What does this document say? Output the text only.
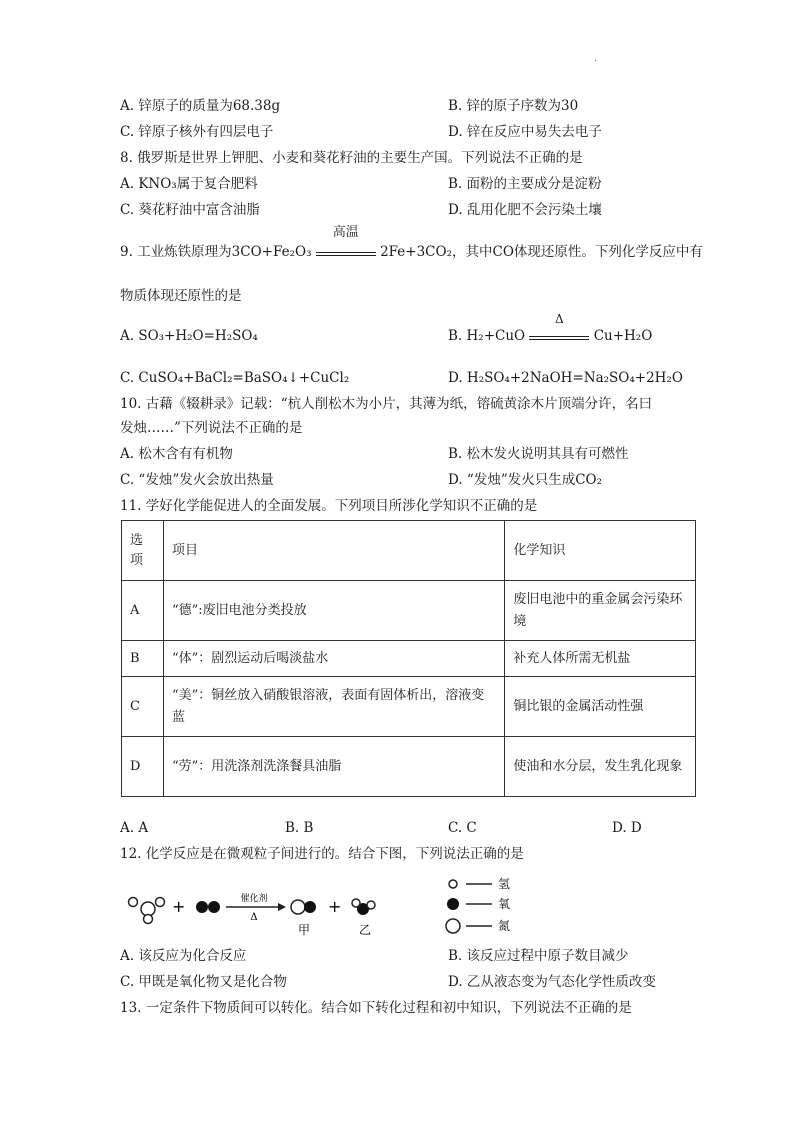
·
A. 锌原子的质量为68.38g	B. 锌的原子序数为30
C. 锌原子核外有四层电子	D. 锌在反应中易失去电子
8. 俄罗斯是世界上钾肥、小麦和葵花籽油的主要生产国。下列说法不正确的是
A. KNO₃属于复合肥料	B. 面粉的主要成分是淀粉
C. 葵花籽油中富含油脂	D. 乱用化肥不会污染土壤
9. 工业炼铁原理为3CO+Fe₂O₃
高温
2Fe+3CO₂，其中CO体现还原性。下列化学反应中有
物质体现还原性的是
A. SO₃+H₂O=H₂SO₄	B. H₂+CuO
Δ
Cu+H₂O
C. CuSO₄+BaCl₂=BaSO₄↓+CuCl₂	D. H₂SO₄+2NaOH=Na₂SO₄+2H₂O
10. 古藉《辍耕录》记载：“杭人削松木为小片，其薄为纸，镕硫黄涂木片顶端分许，名曰
发烛……”下列说法不正确的是
A. 松木含有有机物	B. 松木发火说明其具有可燃性
C. “发烛”发火会放出热量	D. “发烛”发火只生成CO₂
11. 学好化学能促进人的全面发展。下列项目所涉化学知识不正确的是
选项	项目	化学知识
A	“德”:废旧电池分类投放	废旧电池中的重金属会污染环境
B	“体”：剧烈运动后喝淡盐水	补充人体所需无机盐
C	“美”：铜丝放入硝酸银溶液，表面有固体析出，溶液变蓝	铜比银的金属活动性强
D	“劳”：用洗涤剂洗涤餐具油脂	使油和水分层，发生乳化现象
A. A	B. B	C. C	D. D
12. 化学反应是在微观粒子间进行的。结合下图，下列说法正确的是
+	催化剂
Δ
甲
+
乙
氢
氧
氮
A. 该反应为化合反应	B. 该反应过程中原子数目减少
C. 甲既是氧化物又是化合物	D. 乙从液态变为气态化学性质改变
13. 一定条件下物质间可以转化。结合如下转化过程和初中知识，下列说法不正确的是
